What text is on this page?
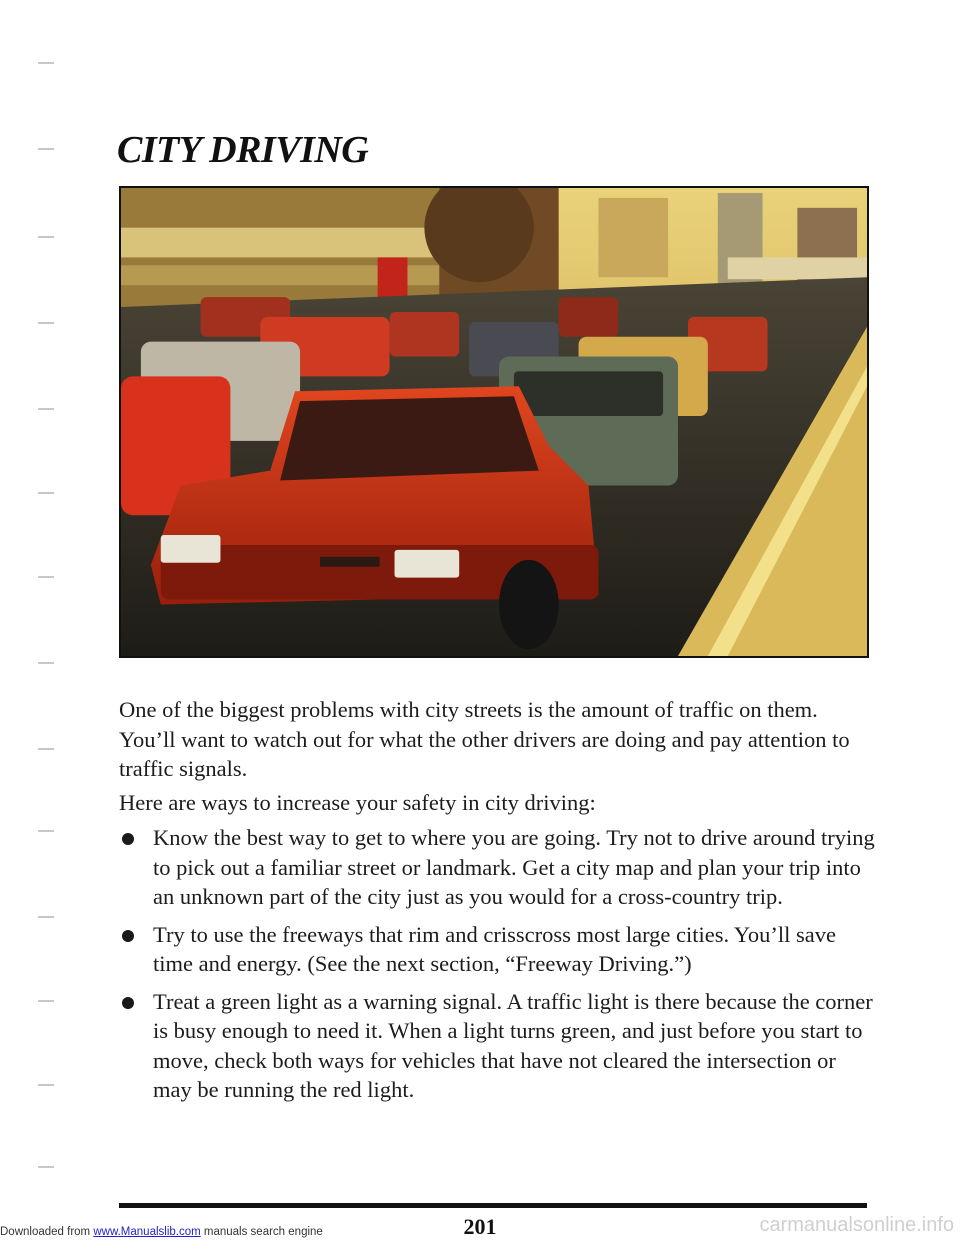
CITY DRIVING

One of the biggest problems with city streets is the amount of traffic on them. You’ll want to watch out for what the other drivers are doing and pay attention to traffic signals.

Here are ways to increase your safety in city driving:

Know the best way to get to where you are going. Try not to drive around trying to pick out a familiar street or landmark. Get a city map and plan your trip into an unknown part of the city just as you would for a cross-country trip.
Try to use the freeways that rim and crisscross most large cities. You’ll save time and energy. (See the next section, “Freeway Driving.”)
Treat a green light as a warning signal. A traffic light is there because the corner is busy enough to need it. When a light turns green, and just before you start to move, check both ways for vehicles that have not cleared the intersection or may be running the red light.
201
Downloaded from www.Manualslib.com manuals search engine	carmanualsonline.info
